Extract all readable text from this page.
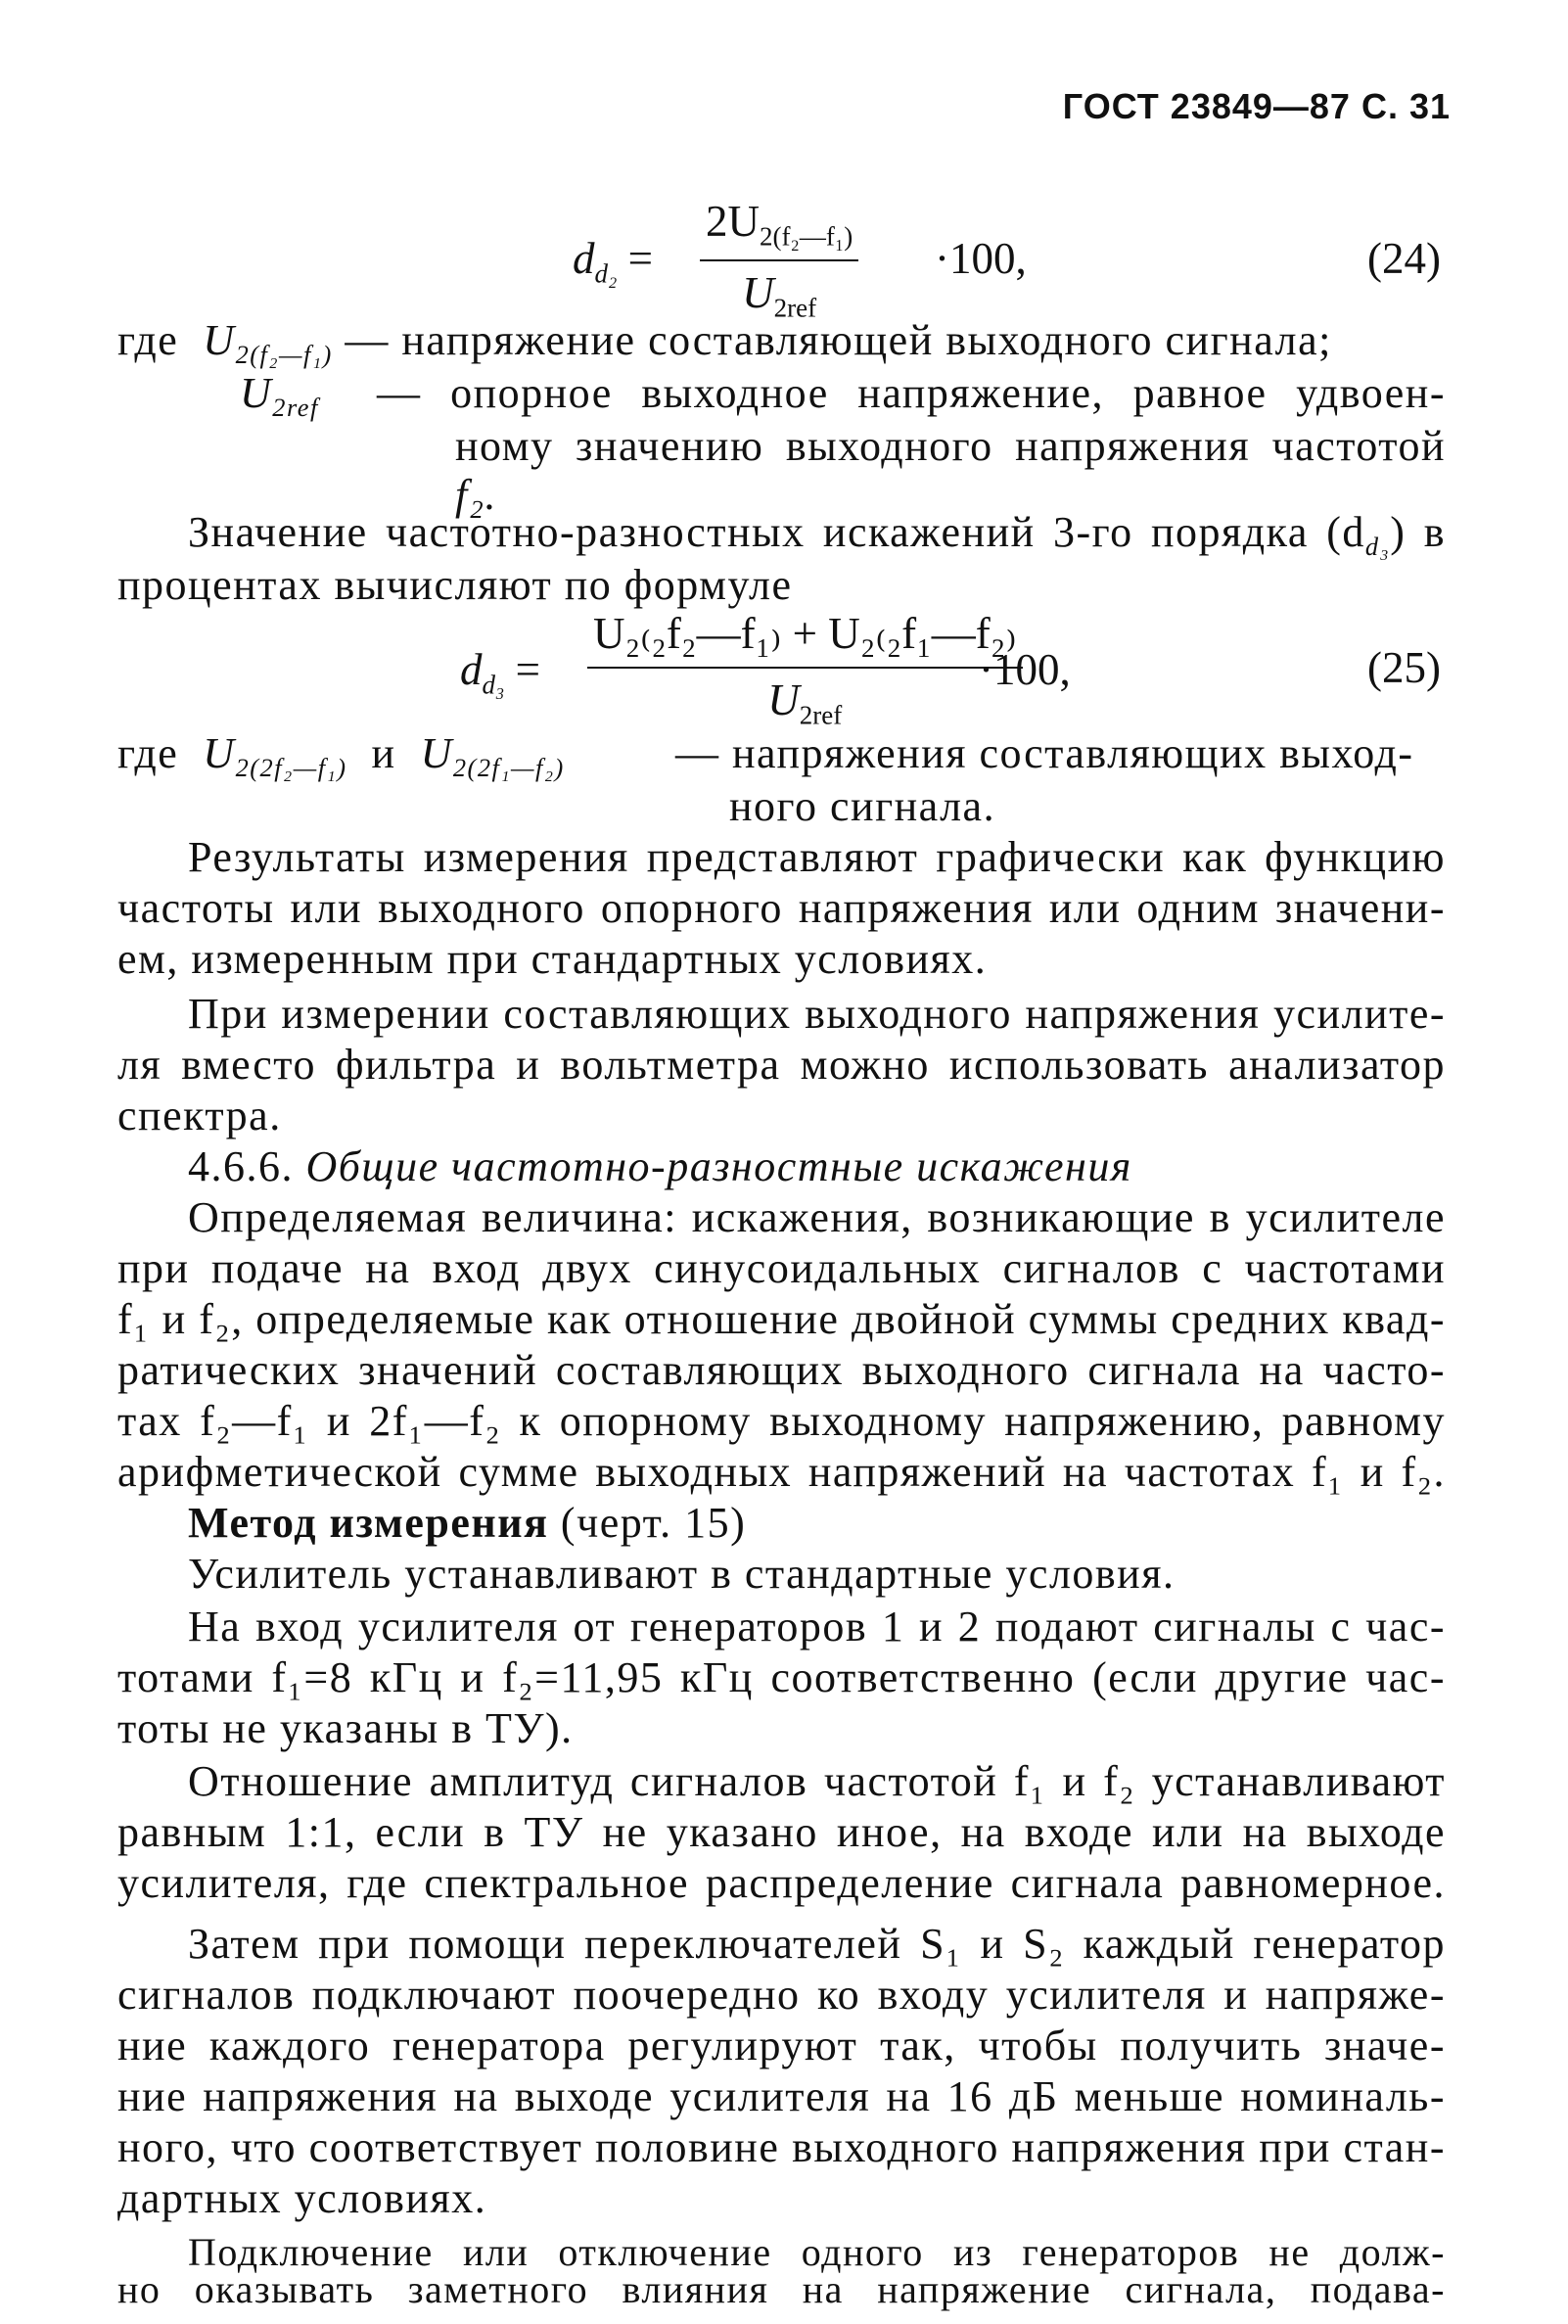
ГОСТ 23849—87 С. 31
$d_{d_2}$ =
$2U_{2(f_2—f_1)}$
$U_{2ref}$
·100,	(24)
где $U_{2(f_2—f_1)}$ — напряжение составляющей выходного сигнала;
$U_{2ref}$ — опорное выходное напряжение, равное удвоен-
ному значению выходного напряжения частотой
f₂.
Значение частотно-разностных искажений 3-го порядка $(d_{d_3})$ в
процентах вычисляют по формуле
$d_{d_3}$ =
U₂₍₂f₂—f₁₎ + U₂₍₂f₁—f₂₎
$U_{2ref}$
·100,	(25)
где $U_{2(2f_2—f_1)}$ и $U_{2(2f_1—f_2)}$	— напряжения составляющих выход-
ного сигнала.
Результаты измерения представляют графически как функцию
частоты или выходного опорного напряжения или одним значени-
ем, измеренным при стандартных условиях.
При измерении составляющих выходного напряжения усилите-
ля вместо фильтра и вольтметра можно использовать анализатор
спектра.
4.6.6. Общие частотно-разностные искажения
Определяемая величина: искажения, возникающие в усилителе
при подаче на вход двух синусоидальных сигналов с частотами
f₁ и f₂, определяемые как отношение двойной суммы средних квад-
ратических значений составляющих выходного сигнала на часто-
тах f₂—f₁ и 2f₁—f₂ к опорному выходному напряжению, равному
арифметической сумме выходных напряжений на частотах f₁ и f₂.
Метод измерения (черт. 15)
Усилитель устанавливают в стандартные условия.
На вход усилителя от генераторов 1 и 2 подают сигналы с час-
тотами f₁=8 кГц и f₂=11,95 кГц соответственно (если другие час-
тоты не указаны в ТУ).
Отношение амплитуд сигналов частотой f₁ и f₂ устанавливают
равным 1:1, если в ТУ не указано иное, на входе или на выходе
усилителя, где спектральное распределение сигнала равномерное.
Затем при помощи переключателей S₁ и S₂ каждый генератор
сигналов подключают поочередно ко входу усилителя и напряже-
ние каждого генератора регулируют так, чтобы получить значе-
ние напряжения на выходе усилителя на 16 дБ меньше номиналь-
ного, что соответствует половине выходного напряжения при стан-
дартных условиях.
Подключение или отключение одного из генераторов не долж-
но оказывать заметного влияния на напряжение сигнала, подава-
